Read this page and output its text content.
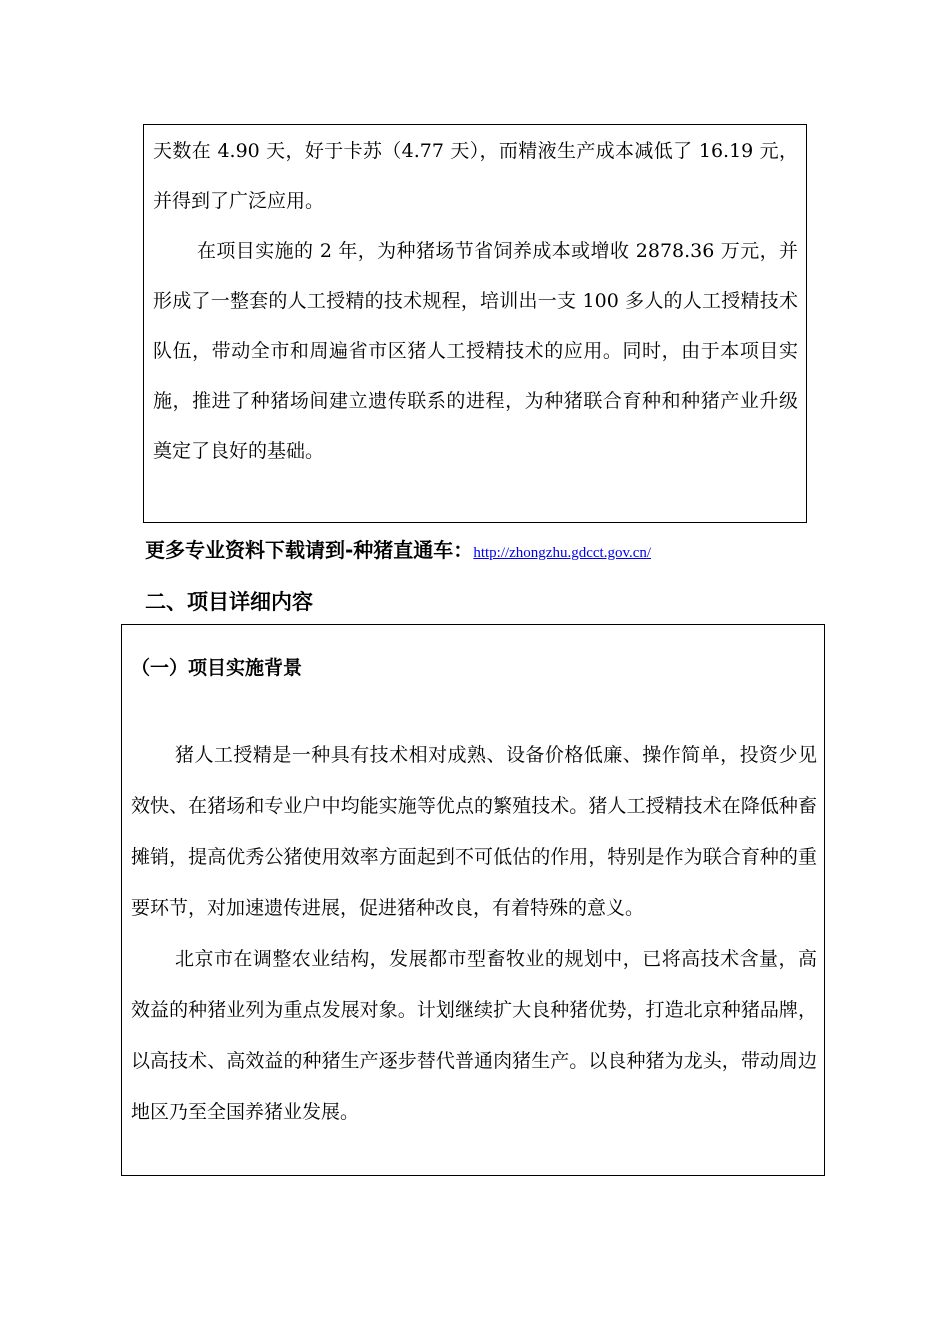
天数在 4.90 天，好于卡苏（4.77 天），而精液生产成本减低了 16.19 元，并得到了广泛应用。

在项目实施的 2 年，为种猪场节省饲养成本或增收 2878.36 万元，并形成了一整套的人工授精的技术规程，培训出一支 100 多人的人工授精技术队伍，带动全市和周遍省市区猪人工授精技术的应用。同时，由于本项目实施，推进了种猪场间建立遗传联系的进程，为种猪联合育种和种猪产业升级奠定了良好的基础。

更多专业资料下载请到-种猪直通车：http://zhongzhu.gdcct.gov.cn/
二、项目详细内容
（一）项目实施背景

猪人工授精是一种具有技术相对成熟、设备价格低廉、操作简单，投资少见效快、在猪场和专业户中均能实施等优点的繁殖技术。猪人工授精技术在降低种畜摊销，提高优秀公猪使用效率方面起到不可低估的作用，特别是作为联合育种的重要环节，对加速遗传进展，促进猪种改良，有着特殊的意义。

北京市在调整农业结构，发展都市型畜牧业的规划中，已将高技术含量，高效益的种猪业列为重点发展对象。计划继续扩大良种猪优势，打造北京种猪品牌，以高技术、高效益的种猪生产逐步替代普通肉猪生产。以良种猪为龙头，带动周边地区乃至全国养猪业发展。
